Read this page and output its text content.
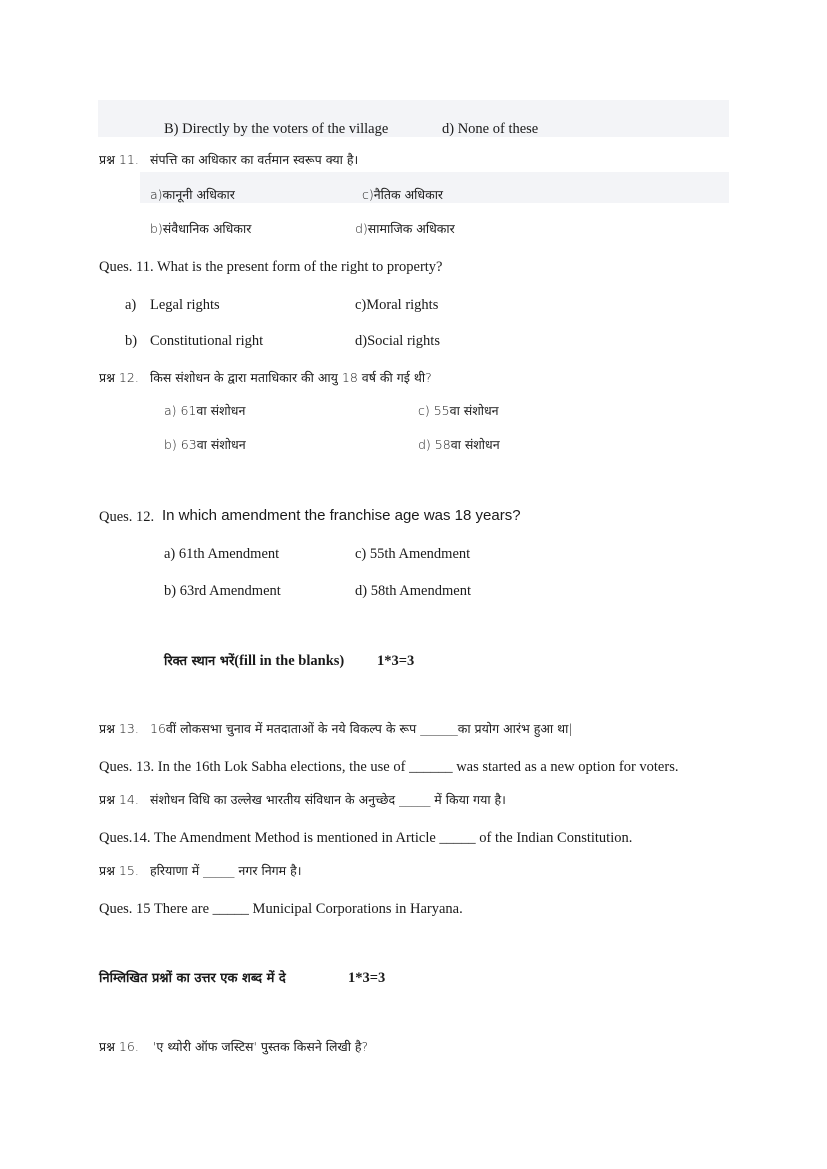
B) Directly by the voters of the village	d) None of these
प्रश्न 11. संपत्ति का अधिकार का वर्तमान स्वरूप क्या है।
a)कानूनी अधिकार	c)नैतिक अधिकार
b)संवैधानिक अधिकार	d)सामाजिक अधिकार
Ques. 11. What is the present form of the right to property?
a) Legal rights	c)Moral rights
b) Constitutional right	d)Social rights
प्रश्न 12. किस संशोधन के द्वारा मताधिकार की आयु 18 वर्ष की गई थी?
a) 61वा संशोधन	c) 55वा संशोधन
b) 63वा संशोधन	d) 58वा संशोधन
Ques. 12. In which amendment the franchise age was 18 years?
a) 61th Amendment	c) 55th Amendment
b) 63rd Amendment	d) 58th Amendment
रिक्त स्थान भरें(fill in the blanks) 1*3=3
प्रश्न 13. 16वीं लोकसभा चुनाव में मतदाताओं के नये विकल्प के रूप ______का प्रयोग आरंभ हुआ था|
Ques. 13. In the 16th Lok Sabha elections, the use of ______ was started as a new option for voters.
प्रश्न 14. संशोधन विधि का उल्लेख भारतीय संविधान के अनुच्छेद _____ में किया गया है।
Ques.14. The Amendment Method is mentioned in Article _____ of the Indian Constitution.
प्रश्न 15. हरियाणा में _____ नगर निगम है।
Ques. 15 There are _____ Municipal Corporations in Haryana.
निम्लिखित प्रश्नों का उत्तर एक शब्द में दे	1*3=3
प्रश्न 16. 'ए थ्योरी ऑफ जस्टिस' पुस्तक किसने लिखी है?
